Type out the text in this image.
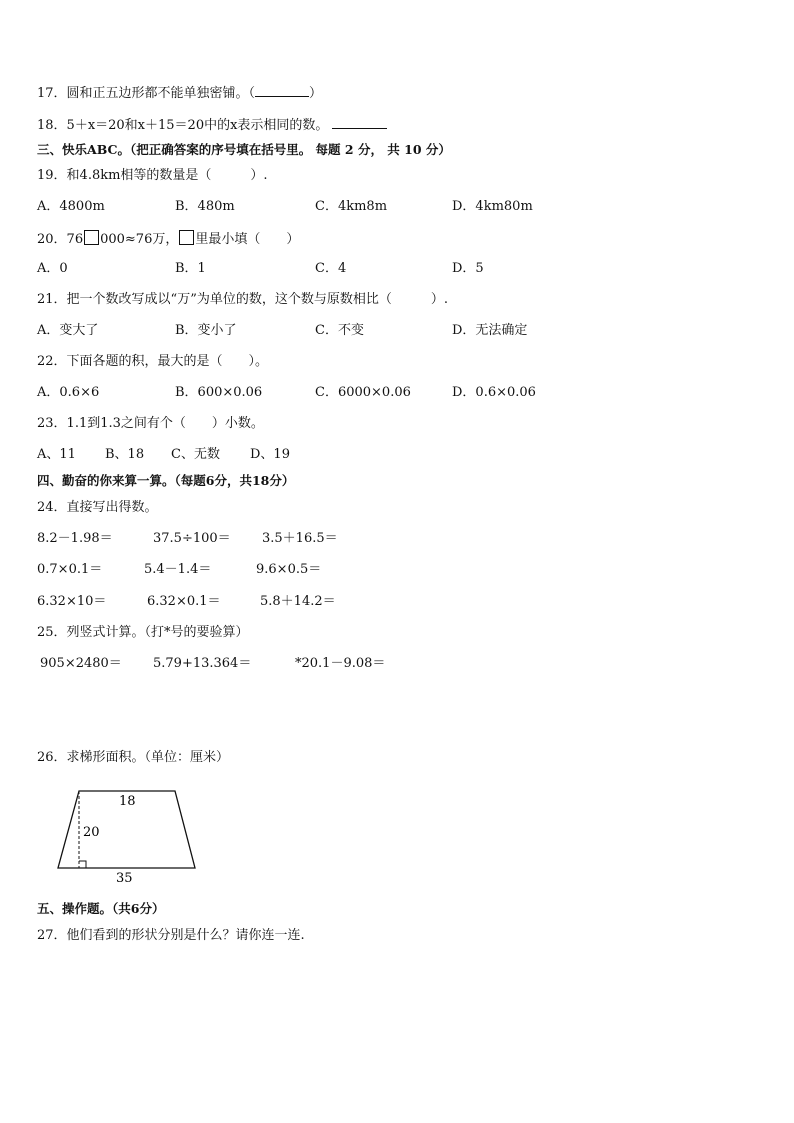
17．圆和正五边形都不能单独密铺。（	）
18．5＋x＝20和x＋15＝20中的x表示相同的数。
三、快乐ABC。（把正确答案的序号填在括号里。 每题 2 分， 共 10 分）
19．和4.8km相等的数量是（　　　）.
A．4800m	B．480m	C．4km8m	D．4km80m
20．76 000≈76万， 里最小填（　　）
A．0	B．1	C．4	D．5
21．把一个数改写成以“万”为单位的数，这个数与原数相比（　　　）.
A．变大了	B．变小了	C．不变	D．无法确定
22．下面各题的积，最大的是（　　）。
A．0.6×6	B．600×0.06	C．6000×0.06	D．0.6×0.06
23．1.1到1.3之间有个（　　）小数。
A、11 B、18 C、无数 D、19
四、勤奋的你来算一算。（每题6分，共18分）
24．直接写出得数。
8.2－1.98＝	37.5÷100＝ 3.5＋16.5＝
0.7×0.1＝	5.4－1.4＝	9.6×0.5＝
6.32×10＝	6.32×0.1＝	5.8＋14.2＝
25．列竖式计算。（打*号的要验算）
905×2480＝ 5.79+13.364＝	*20.1－9.08＝
26．求梯形面积。（单位：厘米）
18
20
35
五、操作题。（共6分）
27．他们看到的形状分别是什么？请你连一连.
